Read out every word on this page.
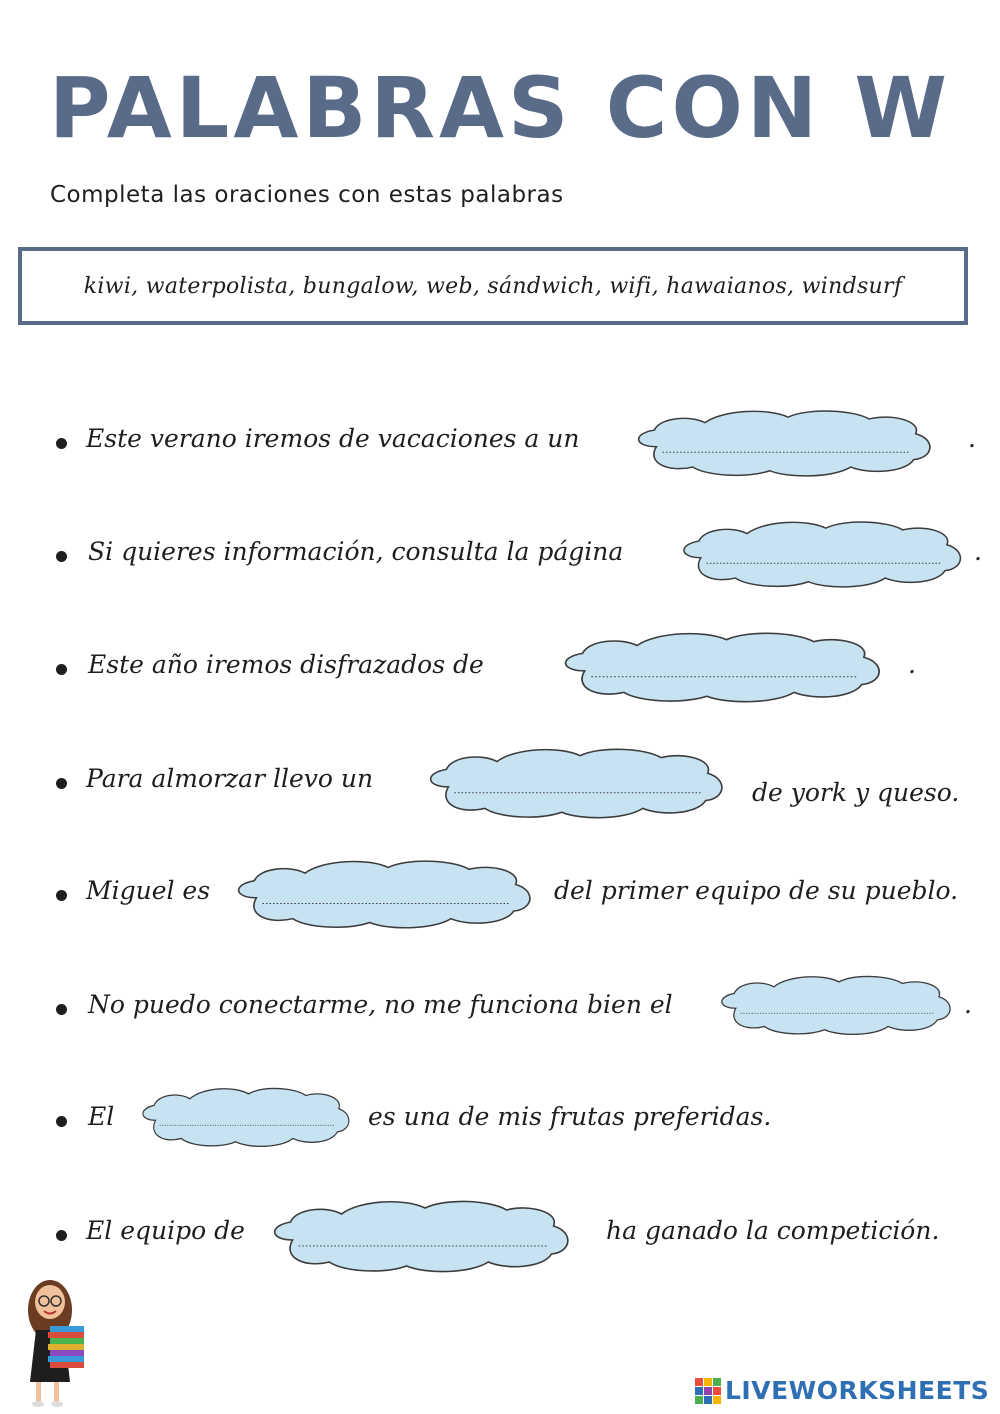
PALABRAS CON W
Completa las oraciones con estas palabras
kiwi, waterpolista, bungalow, web, sándwich, wifi, hawaianos, windsurf
Este verano iremos de vacaciones a un	.
Si quieres información, consulta la página	.
Este año iremos disfrazados de	.
Para almorzar llevo un	de york y queso.
Miguel es	del primer equipo de su pueblo.
No puedo conectarme, no me funciona bien el	.
El	es una de mis frutas preferidas.
El equipo de	ha ganado la competición.
LIVEWORKSHEETS
